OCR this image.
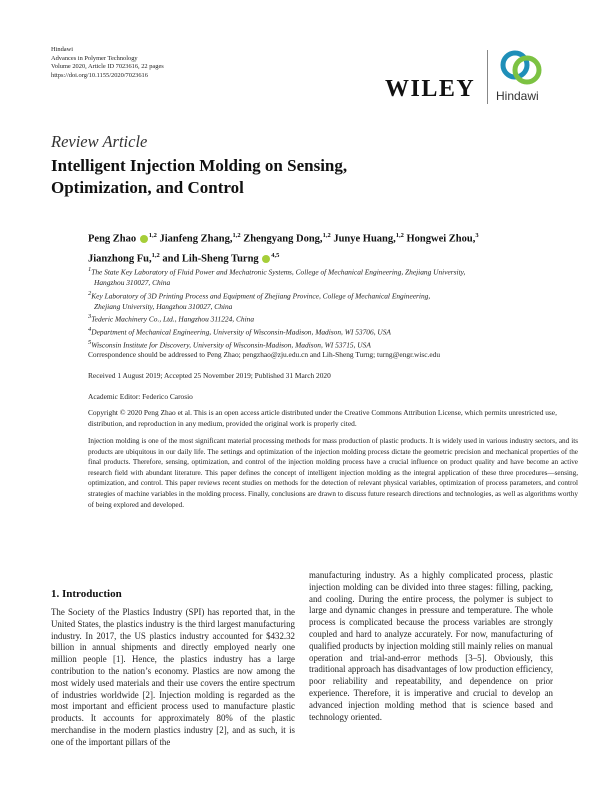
Hindawi
Advances in Polymer Technology
Volume 2020, Article ID 7023616, 22 pages
https://doi.org/10.1155/2020/7023616
WILEY Hindawi
Review Article
Intelligent Injection Molding on Sensing,
Optimization, and Control
Peng Zhao $^{1,2}$ Jianfeng Zhang,$^{1,2}$ Zhengyang Dong,$^{1,2}$ Junye Huang,$^{1,2}$ Hongwei Zhou,$^3$
Jianzhong Fu,$^{1,2}$ and Lih-Sheng Turng $^{4,5}$
$^1$The State Key Laboratory of Fluid Power and Mechatronic Systems, College of Mechanical Engineering, Zhejiang University,
Hangzhou 310027, China
$^2$Key Laboratory of 3D Printing Process and Equipment of Zhejiang Province, College of Mechanical Engineering,
Zhejiang University, Hangzhou 310027, China
$^3$Tederic Machinery Co., Ltd., Hangzhou 311224, China
$^4$Department of Mechanical Engineering, University of Wisconsin-Madison, Madison, WI 53706, USA
$^5$Wisconsin Institute for Discovery, University of Wisconsin-Madison, Madison, WI 53715, USA
Correspondence should be addressed to Peng Zhao; pengzhao@zju.edu.cn and Lih-Sheng Turng; turng@engr.wisc.edu
Received 1 August 2019; Accepted 25 November 2019; Published 31 March 2020
Academic Editor: Federico Carosio
Copyright © 2020 Peng Zhao et al. This is an open access article distributed under the Creative Commons Attribution License, which permits unrestricted use, distribution, and reproduction in any medium, provided the original work is properly cited.
Injection molding is one of the most significant material processing methods for mass production of plastic products. It is widely used in various industry sectors, and its products are ubiquitous in our daily life. The settings and optimization of the injection molding process dictate the geometric precision and mechanical properties of the final products. Therefore, sensing, optimization, and control of the injection molding process have a crucial influence on product quality and have become an active research field with abundant literature. This paper defines the concept of intelligent injection molding as the integral application of these three procedures—sensing, optimization, and control. This paper reviews recent studies on methods for the detection of relevant physical variables, optimization of process parameters, and control strategies of machine variables in the molding process. Finally, conclusions are drawn to discuss future research directions and technologies, as well as algorithms worthy of being explored and developed.
1. Introduction
The Society of the Plastics Industry (SPI) has reported that, in the United States, the plastics industry is the third largest manufacturing industry. In 2017, the US plastics industry accounted for $432.32 billion in annual shipments and directly employed nearly one million people [1]. Hence, the plastics industry has a large contribution to the nation’s economy. Plastics are now among the most widely used materials and their use covers the entire spectrum of industries worldwide [2]. Injection molding is regarded as the most important and efficient process used to manufacture plastic products. It accounts for approximately 80% of the plastic merchandise in the modern plastics industry [2], and as such, it is one of the important pillars of the
manufacturing industry. As a highly complicated process, plastic injection molding can be divided into three stages: filling, packing, and cooling. During the entire process, the polymer is subject to large and dynamic changes in pressure and temperature. The whole process is complicated because the process variables are strongly coupled and hard to analyze accurately. For now, manufacturing of qualified products by injection molding still mainly relies on manual operation and trial-and-error methods [3–5]. Obviously, this traditional approach has disadvantages of low production efficiency, poor reliability and repeatability, and dependence on prior experience. Therefore, it is imperative and crucial to develop an advanced injection molding method that is science based and technology oriented.
